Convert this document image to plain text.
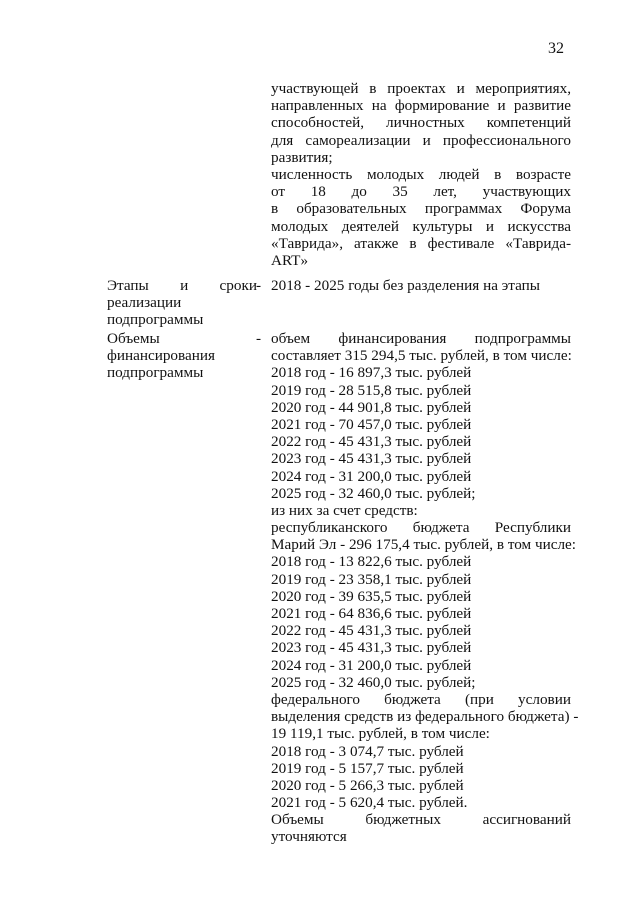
32
участвующей в проектах и мероприятиях,
направленных на формирование и развитие
способностей, личностных компетенций
для самореализации и профессионального
развития;
численность молодых людей в возрасте
от 18 до 35 лет, участвующих
в образовательных программах Форума
молодых деятелей культуры и искусства
«Таврида», атакже в фестивале «Таврида-
ART»
Этапы и сроки
реализации
подпрограммы
- 2018 - 2025 годы без разделения на этапы
Объемы
финансирования
подпрограммы
- объем финансирования подпрограммы
составляет 315 294,5 тыс. рублей, в том числе:
2018 год - 16 897,3 тыс. рублей
2019 год - 28 515,8 тыс. рублей
2020 год - 44 901,8 тыс. рублей
2021 год - 70 457,0 тыс. рублей
2022 год - 45 431,3 тыс. рублей
2023 год - 45 431,3 тыс. рублей
2024 год - 31 200,0 тыс. рублей
2025 год - 32 460,0 тыс. рублей;
из них за счет средств:
республиканского бюджета Республики
Марий Эл - 296 175,4 тыс. рублей, в том числе:
2018 год - 13 822,6 тыс. рублей
2019 год - 23 358,1 тыс. рублей
2020 год - 39 635,5 тыс. рублей
2021 год - 64 836,6 тыс. рублей
2022 год - 45 431,3 тыс. рублей
2023 год - 45 431,3 тыс. рублей
2024 год - 31 200,0 тыс. рублей
2025 год - 32 460,0 тыс. рублей;
федерального бюджета (при условии
выделения средств из федерального бюджета) -
19 119,1 тыс. рублей, в том числе:
2018 год - 3 074,7 тыс. рублей
2019 год - 5 157,7 тыс. рублей
2020 год - 5 266,3 тыс. рублей
2021 год - 5 620,4 тыс. рублей.
Объемы бюджетных ассигнований уточняются
